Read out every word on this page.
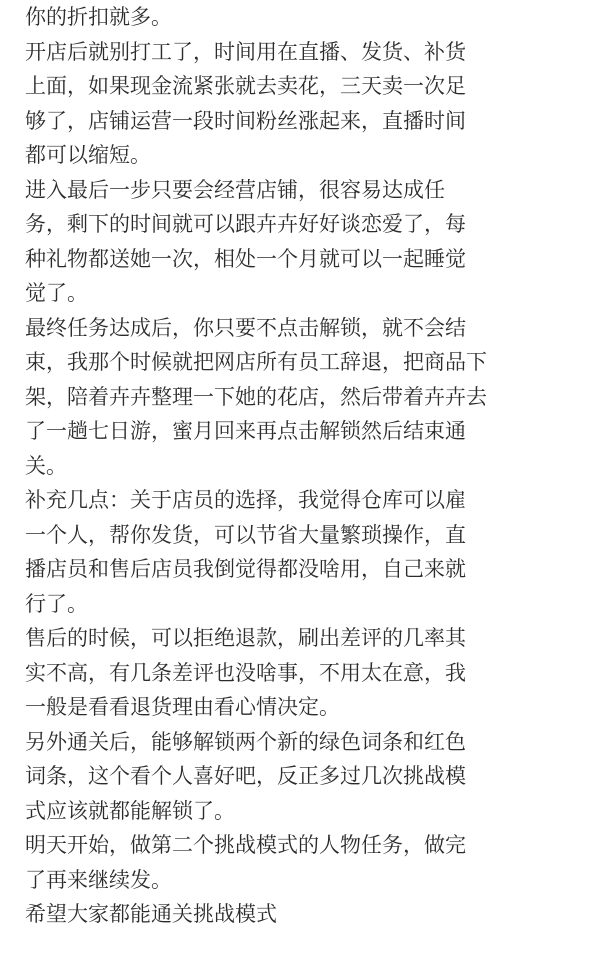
你的折扣就多。
开店后就别打工了，时间用在直播、发货、补货
上面，如果现金流紧张就去卖花，三天卖一次足
够了，店铺运营一段时间粉丝涨起来，直播时间
都可以缩短。
进入最后一步只要会经营店铺，很容易达成任
务，剩下的时间就可以跟卉卉好好谈恋爱了，每
种礼物都送她一次，相处一个月就可以一起睡觉
觉了。
最终任务达成后，你只要不点击解锁，就不会结
束，我那个时候就把网店所有员工辞退，把商品下
架，陪着卉卉整理一下她的花店，然后带着卉卉去
了一趟七日游，蜜月回来再点击解锁然后结束通
关。
补充几点：关于店员的选择，我觉得仓库可以雇
一个人，帮你发货，可以节省大量繁琐操作，直
播店员和售后店员我倒觉得都没啥用，自己来就
行了。
售后的时候，可以拒绝退款，刷出差评的几率其
实不高，有几条差评也没啥事，不用太在意，我
一般是看看退货理由看心情决定。
另外通关后，能够解锁两个新的绿色词条和红色
词条，这个看个人喜好吧，反正多过几次挑战模
式应该就都能解锁了。
明天开始，做第二个挑战模式的人物任务，做完
了再来继续发。
希望大家都能通关挑战模式
